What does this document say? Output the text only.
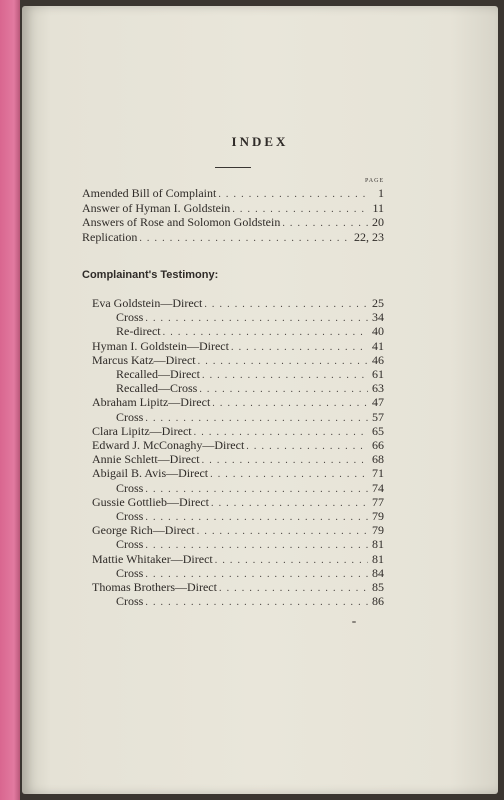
INDEX
PAGE
Complainant's Testimony:
Amended Bill of Complaint . . .	1
Answer of Hyman I. Goldstein . . .	11
Answers of Rose and Solomon Goldstein . . .	20
Replication . . .	22, 23
Eva Goldstein—Direct . . .	25
Cross . . .	34
Re-direct . . .	40
Hyman I. Goldstein—Direct . . .	41
Marcus Katz—Direct . . .	46
Recalled—Direct . . .	61
Recalled—Cross . . .	63
Abraham Lipitz—Direct . . .	47
Cross . . .	57
Clara Lipitz—Direct . . .	65
Edward J. McConaghy—Direct . . .	66
Annie Schlett—Direct . . .	68
Abigail B. Avis—Direct . . .	71
Cross . . .	74
Gussie Gottlieb—Direct . . .	77
Cross . . .	79
George Rich—Direct . . .	79
Cross . . .	81
Mattie Whitaker—Direct . . .	81
Cross . . .	84
Thomas Brothers—Direct . . .	85
Cross . . .	86
